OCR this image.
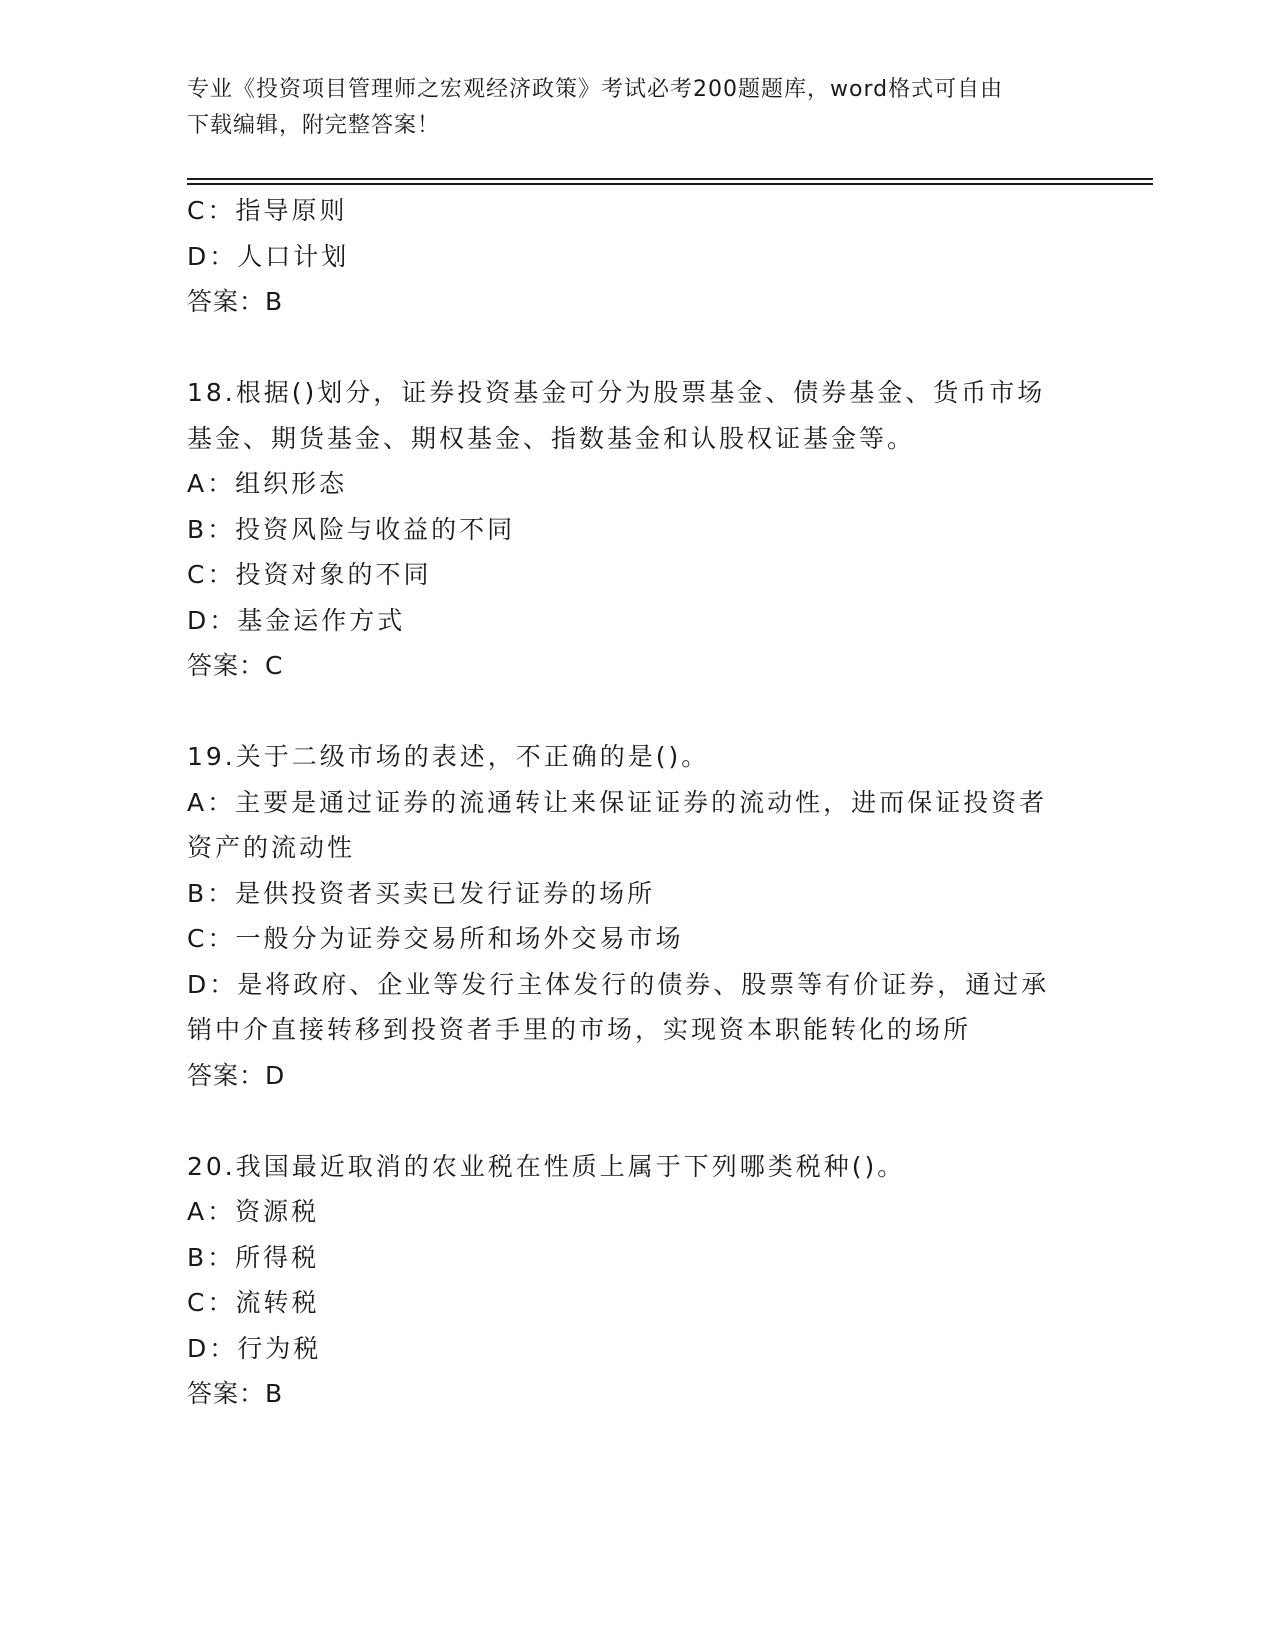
专业《投资项目管理师之宏观经济政策》考试必考200题题库，word格式可自由
下载编辑，附完整答案！
C：指导原则
D：人口计划
答案：B
18.根据()划分，证券投资基金可分为股票基金、债券基金、货币市场
基金、期货基金、期权基金、指数基金和认股权证基金等。
A：组织形态
B：投资风险与收益的不同
C：投资对象的不同
D：基金运作方式
答案：C
19.关于二级市场的表述，不正确的是()。
A：主要是通过证券的流通转让来保证证券的流动性，进而保证投资者
资产的流动性
B：是供投资者买卖已发行证券的场所
C：一般分为证券交易所和场外交易市场
D：是将政府、企业等发行主体发行的债券、股票等有价证券，通过承
销中介直接转移到投资者手里的市场，实现资本职能转化的场所
答案：D
20.我国最近取消的农业税在性质上属于下列哪类税种()。
A：资源税
B：所得税
C：流转税
D：行为税
答案：B
